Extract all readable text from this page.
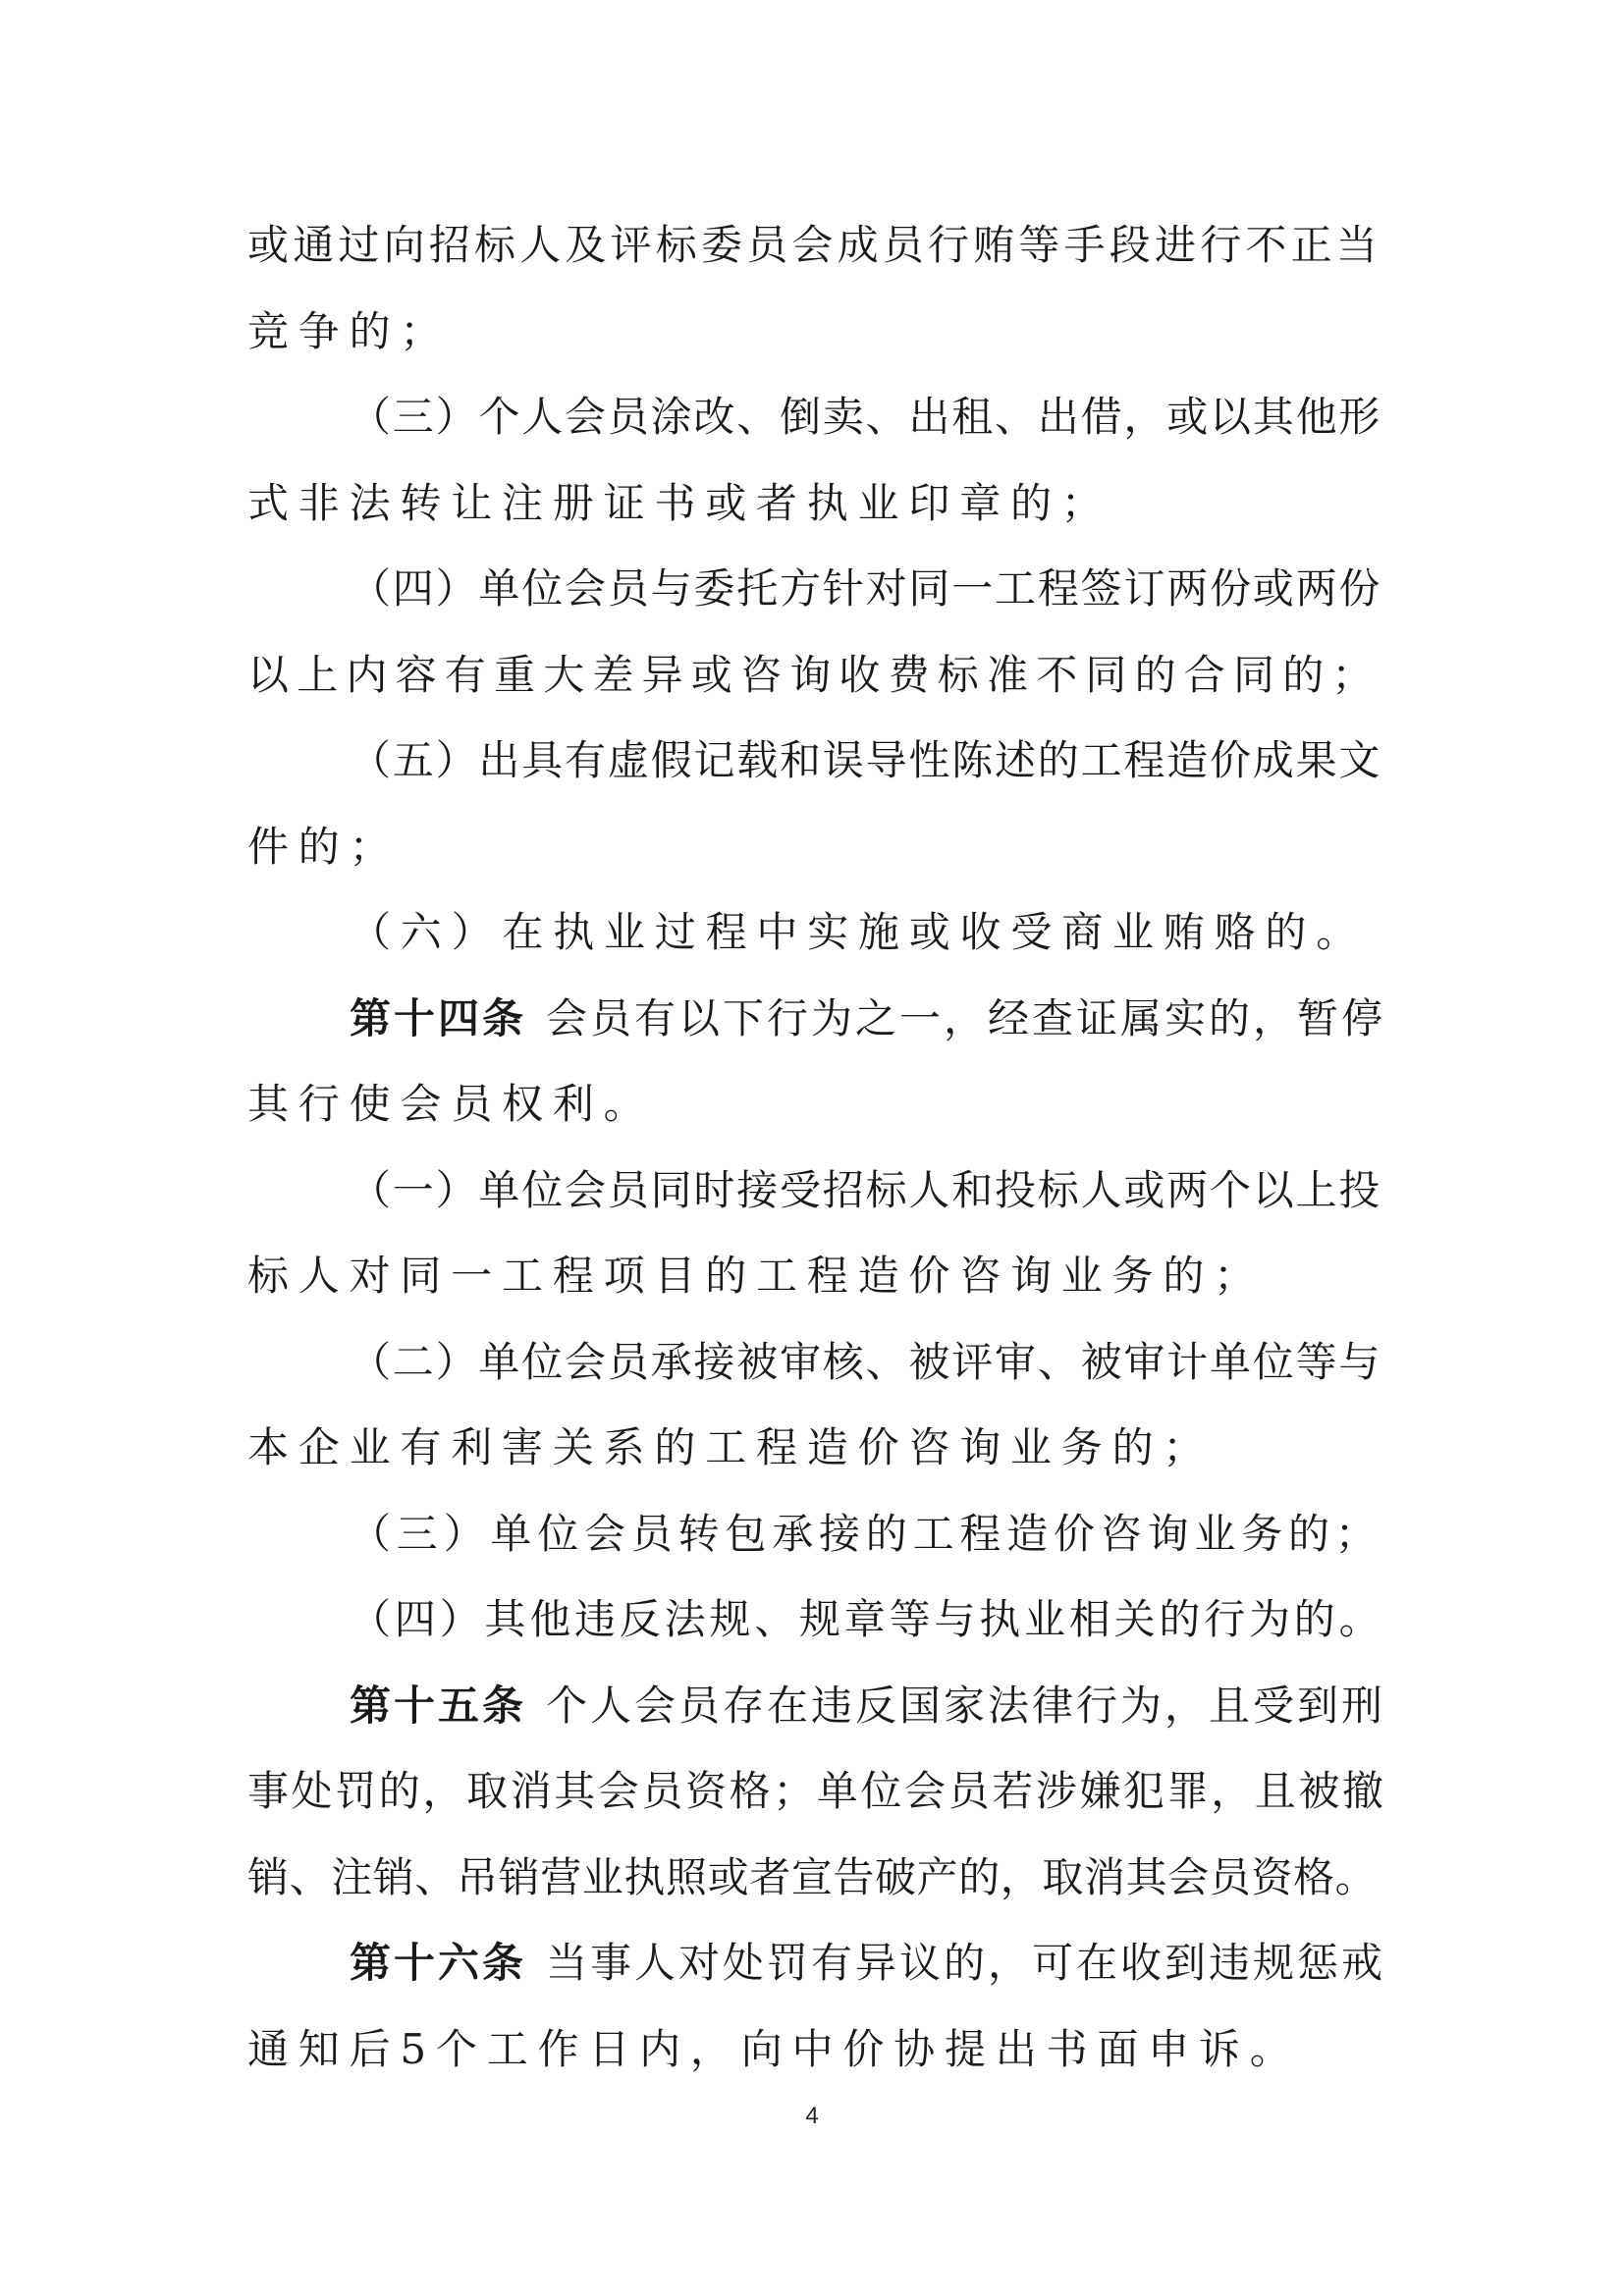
或通过向招标人及评标委员会成员行贿等手段进行不正当
竞争的；
（三）个人会员涂改、倒卖、出租、出借，或以其他形
式非法转让注册证书或者执业印章的；
（四）单位会员与委托方针对同一工程签订两份或两份
以上内容有重大差异或咨询收费标准不同的合同的；
（五）出具有虚假记载和误导性陈述的工程造价成果文
件的；
（六）在执业过程中实施或收受商业贿赂的。
第十四条 会员有以下行为之一，经查证属实的，暂停
其行使会员权利。
（一）单位会员同时接受招标人和投标人或两个以上投
标人对同一工程项目的工程造价咨询业务的；
（二）单位会员承接被审核、被评审、被审计单位等与
本企业有利害关系的工程造价咨询业务的；
（三）单位会员转包承接的工程造价咨询业务的；
（四）其他违反法规、规章等与执业相关的行为的。
第十五条 个人会员存在违反国家法律行为，且受到刑
事处罚的，取消其会员资格；单位会员若涉嫌犯罪，且被撤
销、注销、吊销营业执照或者宣告破产的，取消其会员资格。
第十六条 当事人对处罚有异议的，可在收到违规惩戒
通知后5个工作日内，向中价协提出书面申诉。
4
